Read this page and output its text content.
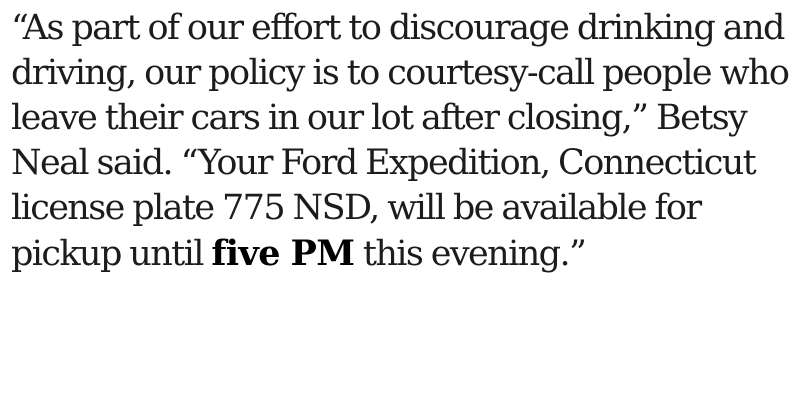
“As part of our effort to discourage drinking and
driving, our policy is to courtesy-call people who
leave their cars in our lot after closing,” Betsy
Neal said. “Your Ford Expedition, Connecticut
license plate 775 NSD, will be available for
pickup until five PM this evening.”
